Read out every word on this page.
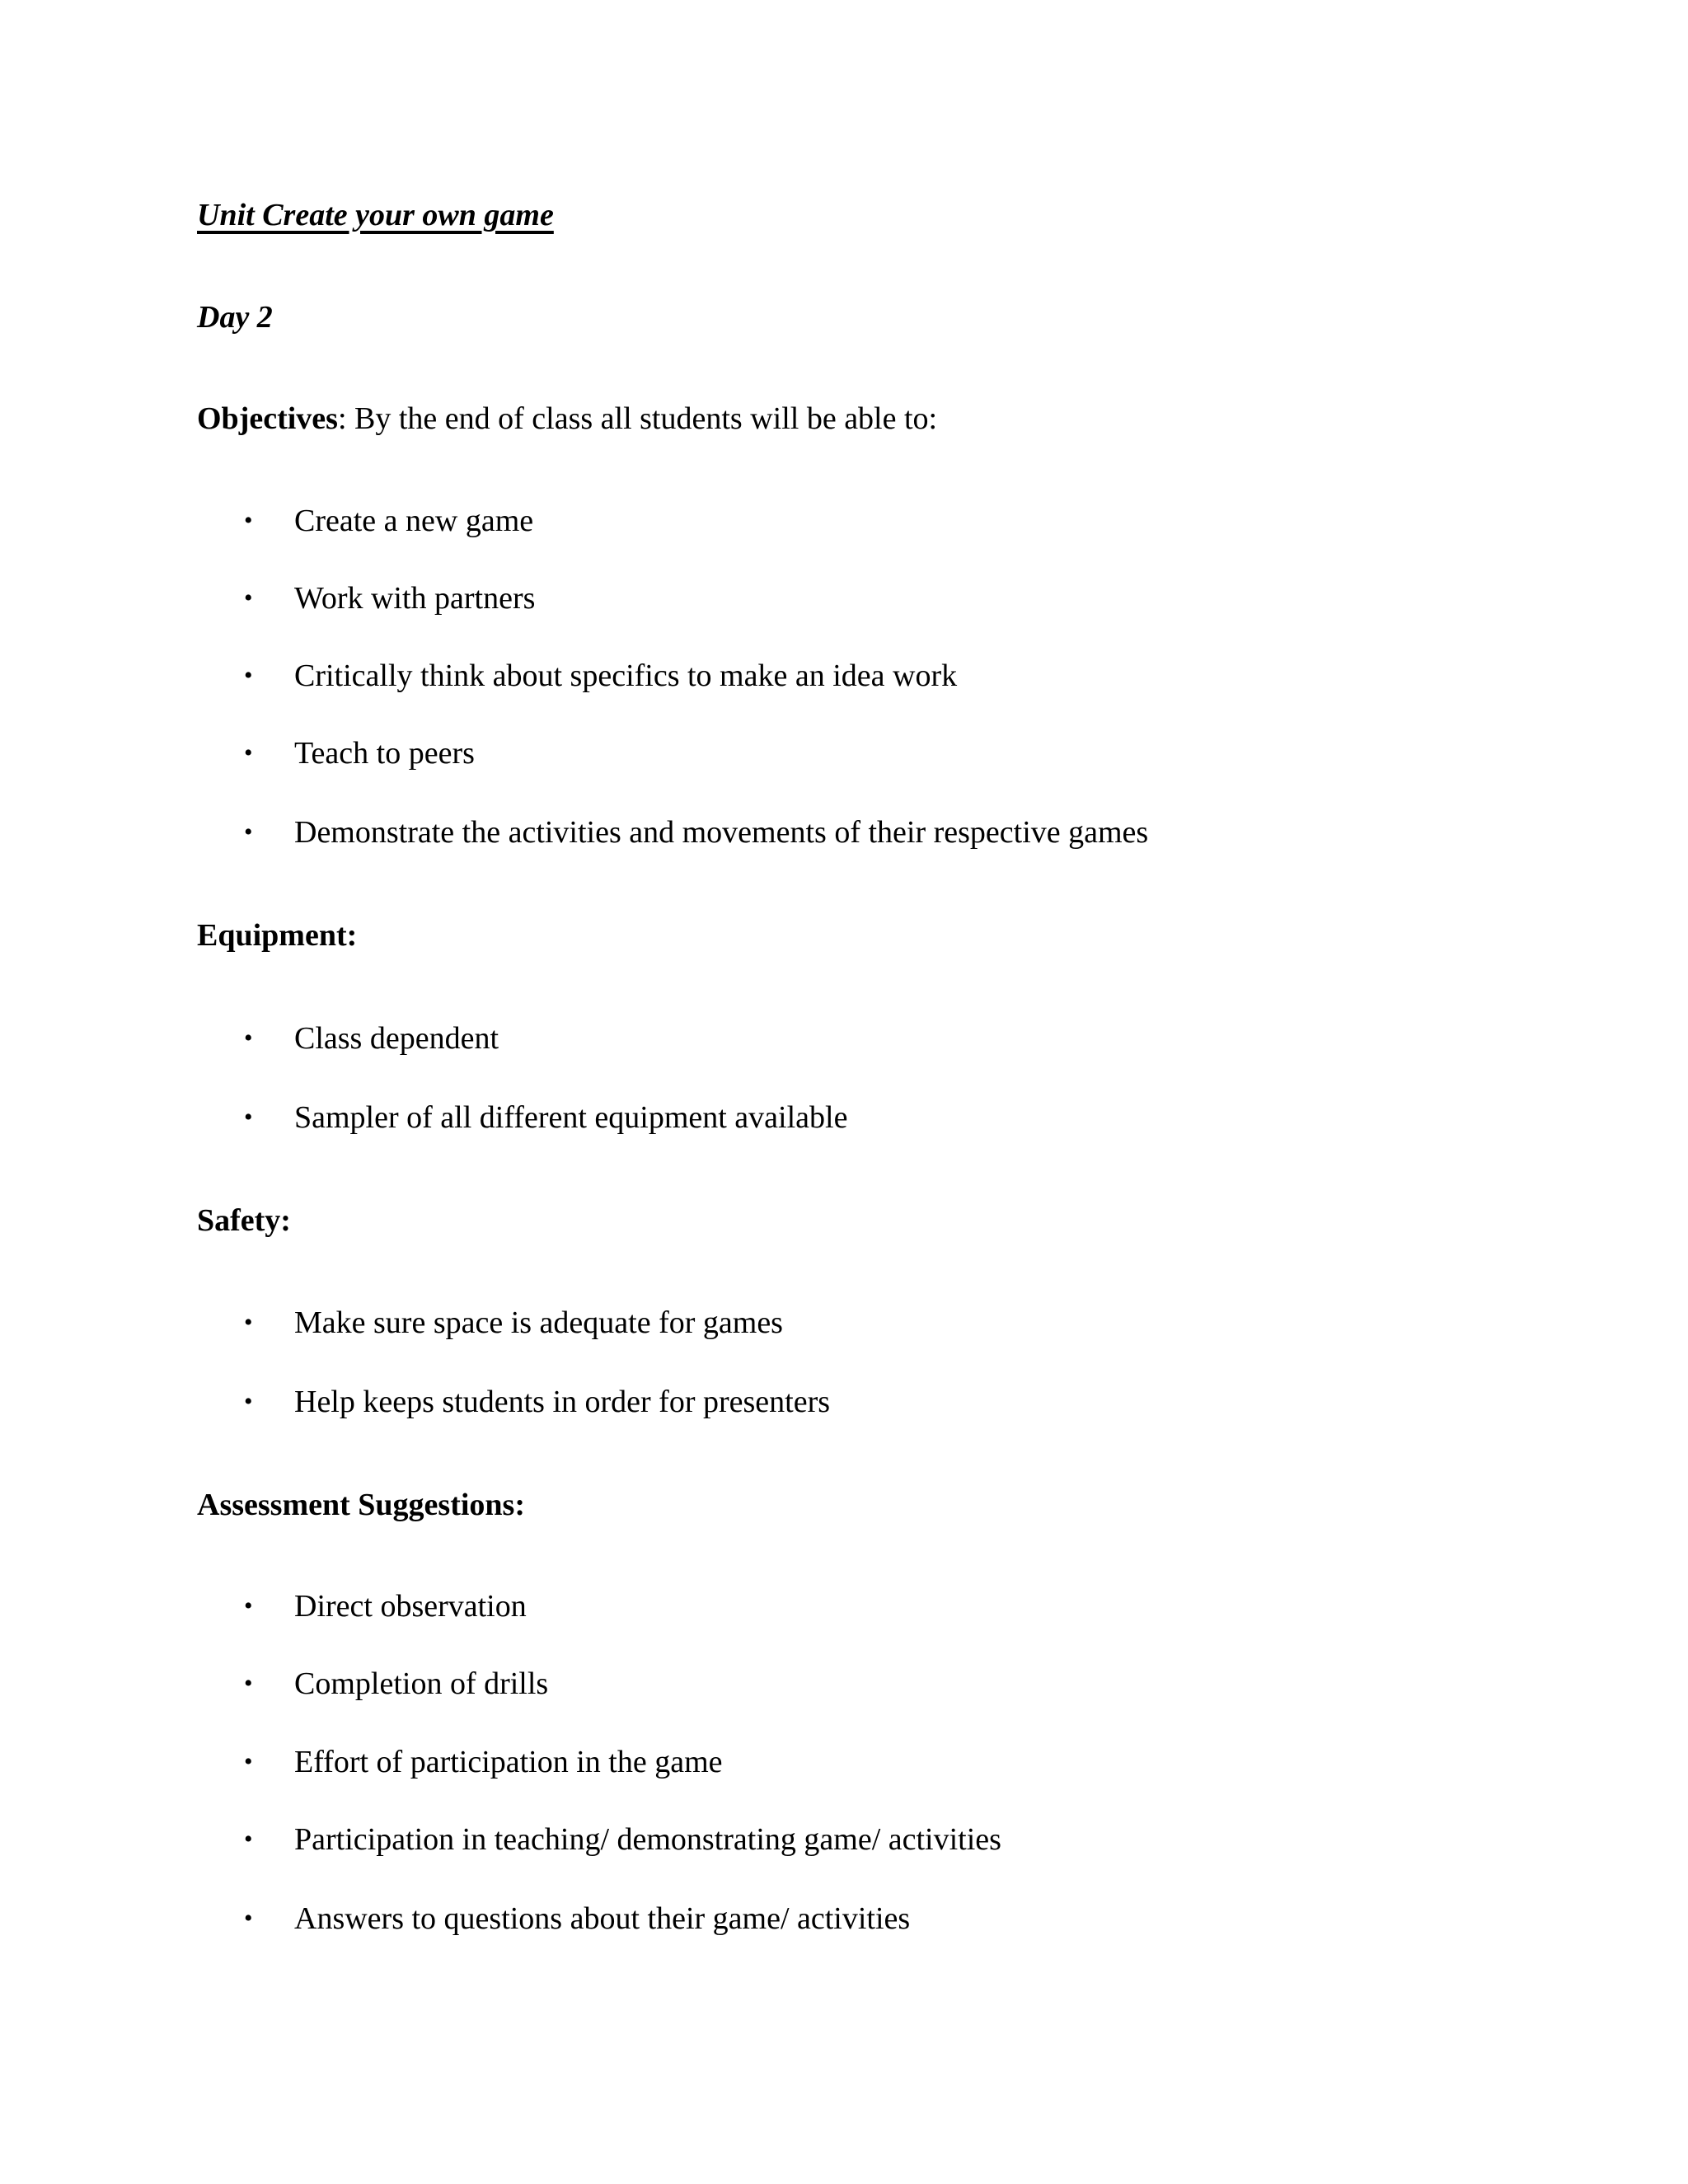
Unit Create your own game
Day 2
Objectives: By the end of class all students will be able to:
• Create a new game
• Work with partners
• Critically think about specifics to make an idea work
• Teach to peers
• Demonstrate the activities and movements of their respective games
Equipment:
• Class dependent
• Sampler of all different equipment available
Safety:
• Make sure space is adequate for games
• Help keeps students in order for presenters
Assessment Suggestions:
• Direct observation
• Completion of drills
• Effort of participation in the game
• Participation in teaching/ demonstrating game/ activities
• Answers to questions about their game/ activities
